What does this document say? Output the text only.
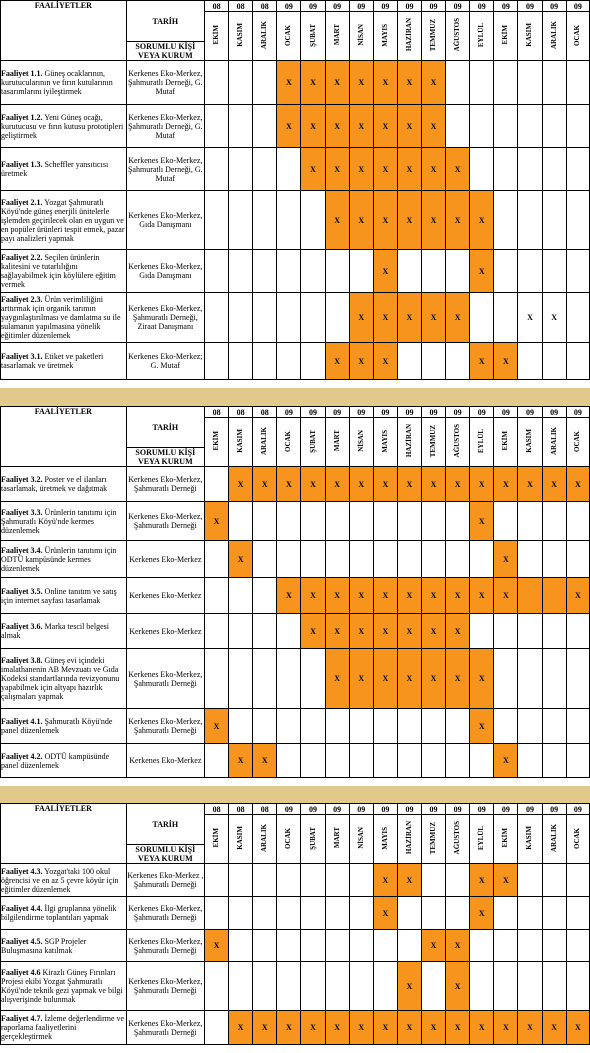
FAALİYETLER	TARİH	08	08	08	09	09	09	09	09	09	09	09	09	09	09	09	09
		EKİM	KASIM	ARALIK	OCAK	ŞUBAT	MART	NİSAN	MAYIS	HAZİRAN	TEMMUZ	AĞUSTOS	EYLÜL	EKİM	KASIM	ARALIK	OCAK
	SORUMLU KİŞİ VEYA KURUM																
Faaliyet 1.1. Güneş ocaklarının, kurutucularının ve fırın kutularının tasarımlarını iyileştirmek	Kerkenes Eko-Merkez, Şahmuratlı Derneği, G. Mutaf				X	X	X	X	X	X	X						
Faaliyet 1.2. Yeni Güneş ocağı, kurutucusu ve fırın kutusu prototipleri geliştirmek	Kerkenes Eko-Merkez, Şahmuratlı Derneği, G. Mutaf				X	X	X	X	X	X	X						
Faaliyet 1.3. Scheffler yansıtıcısı üretmek	Kerkenes Eko-Merkez, Şahmuratlı Derneği, G. Mutaf					X	X	X	X	X	X	X					
Faaliyet 2.1. Yozgat Şahmuratlı Köyü'nde güneş enerjili ünitelerle işlemden geçirilecek olan en uygun ve en popüler ürünleri tespit etmek, pazar payı analizleri yapmak	Kerkenes Eko-Merkez, Gıda Danışmanı						X	X	X	X	X	X	X				
Faaliyet 2.2. Seçilen ürünlerin kalitesini ve tutarlılığını sağlayabilmek için köylülere eğitim vermek	Kerkenes Eko-Merkez, Gıda Danışmanı								X				X				
Faaliyet 2.3. Ürün verimliliğini arttırmak için organik tarımın yaygınlaştırılması ve damlatma su ile sulamanın yapılmasına yönelik eğitimler düzenlemek	Kerkenes Eko-Merkez, Şahmuratlı Derneği, Ziraat Danışmanı							X	X	X	X	X			X	X	
Faaliyet 3.1. Etiket ve paketleri tasarlamak ve üretmek	Kerkenes Eko-Merkez; G. Mutaf						X	X	X				X	X			
FAALİYETLER	TARİH	08	08	08	09	09	09	09	09	09	09	09	09	09	09	09	09
		EKİM	KASIM	ARALIK	OCAK	ŞUBAT	MART	NİSAN	MAYIS	HAZİRAN	TEMMUZ	AĞUSTOS	EYLÜL	EKİM	KASIM	ARALIK	OCAK
	SORUMLU KİŞİ VEYA KURUM																
Faaliyet 3.2. Poster ve el ilanları tasarlamak, üretmek ve dağıtmak	Kerkenes Eko-Merkez, Şahmuratlı Derneği		X	X	X	X	X	X	X	X	X	X	X	X	X	X	X
Faaliyet 3.3. Ürünlerin tanıtımı için Şahmuratlı Köyü'nde kermes düzenlemek	Kerkenes Eko-Merkez, Şahmuratlı Derneği	X											X				
Faaliyet 3.4. Ürünlerin tanıtımı için ODTÜ kampüsünde kermes düzenlemek	Kerkenes Eko-Merkez		X											X			
Faaliyet 3.5. Online tanıtım ve satış için internet sayfası tasarlamak	Kerkenes Eko-Merkez				X	X	X	X	X	X	X	X	X	X			X
Faaliyet 3.6. Marka tescil belgesi almak	Kerkenes Eko-Merkez					X	X	X	X	X	X	X					
Faaliyet 3.8. Güneş evi içindeki imalathanenin AB Mevzuatı ve Gıda Kodeksi standartlarında revizyonunu yapabilmek için altyapı hazırlık çalışmaları yapmak	Kerkenes Eko-Merkez, Şahmuratlı Derneği						X	X	X	X	X	X	X				
Faaliyet 4.1. Şahmuratlı Köyü'nde panel düzenlemek	Kerkenes Eko-Merkez, Şahmuratlı Derneği	X											X				
Faaliyet 4.2. ODTÜ kampüsünde panel düzenlemek	Kerkenes Eko-Merkez		X	X										X			
FAALİYETLER	TARİH	08	08	08	09	09	09	09	09	09	09	09	09	09	09	09	09
		EKİM	KASIM	ARALIK	OCAK	ŞUBAT	MART	NİSAN	MAYIS	HAZİRAN	TEMMUZ	AĞUSTOS	EYLÜL	EKİM	KASIM	ARALIK	OCAK
	SORUMLU KİŞİ VEYA KURUM																
Faaliyet 4.3. Yozgat'taki 100 okul öğrencisi ve en az 5 çevre köyür için eğitimler düzenlemek	Kerkenes Eko-Merkez , Şahmuratlı Derneği								X	X			X	X			
Faaliyet 4.4. İlgi gruplarına yönelik bilgilendirme toplantıları yapmak	Kerkenes Eko-Merkez, Şahmuratlı Derneği								X				X				
Faaliyet 4.5. SGP Projeler Buluşmasına katılmak	Kerkenes Eko-Merkez, Şahmuratlı Derneği	X									X	X					
Faaliyet 4.6 Kirazlı Güneş Fırınları Projesi ekibi Yozgat Şahmuratlı Köyü'nde teknik gezi yapmak ve bilgi alışverişinde bulunmak	Kerkenes Eko-Merkez, Şahmuratlı Derneği									X		X					
Faaliyet 4.7. İzleme değerlendirme ve raporlama faaliyetlerini gerçekleştirmek	Kerkenes Eko-Merkez, Şahmuratlı Derneği		X	X	X	X	X	X	X	X	X	X	X	X	X	X	X
